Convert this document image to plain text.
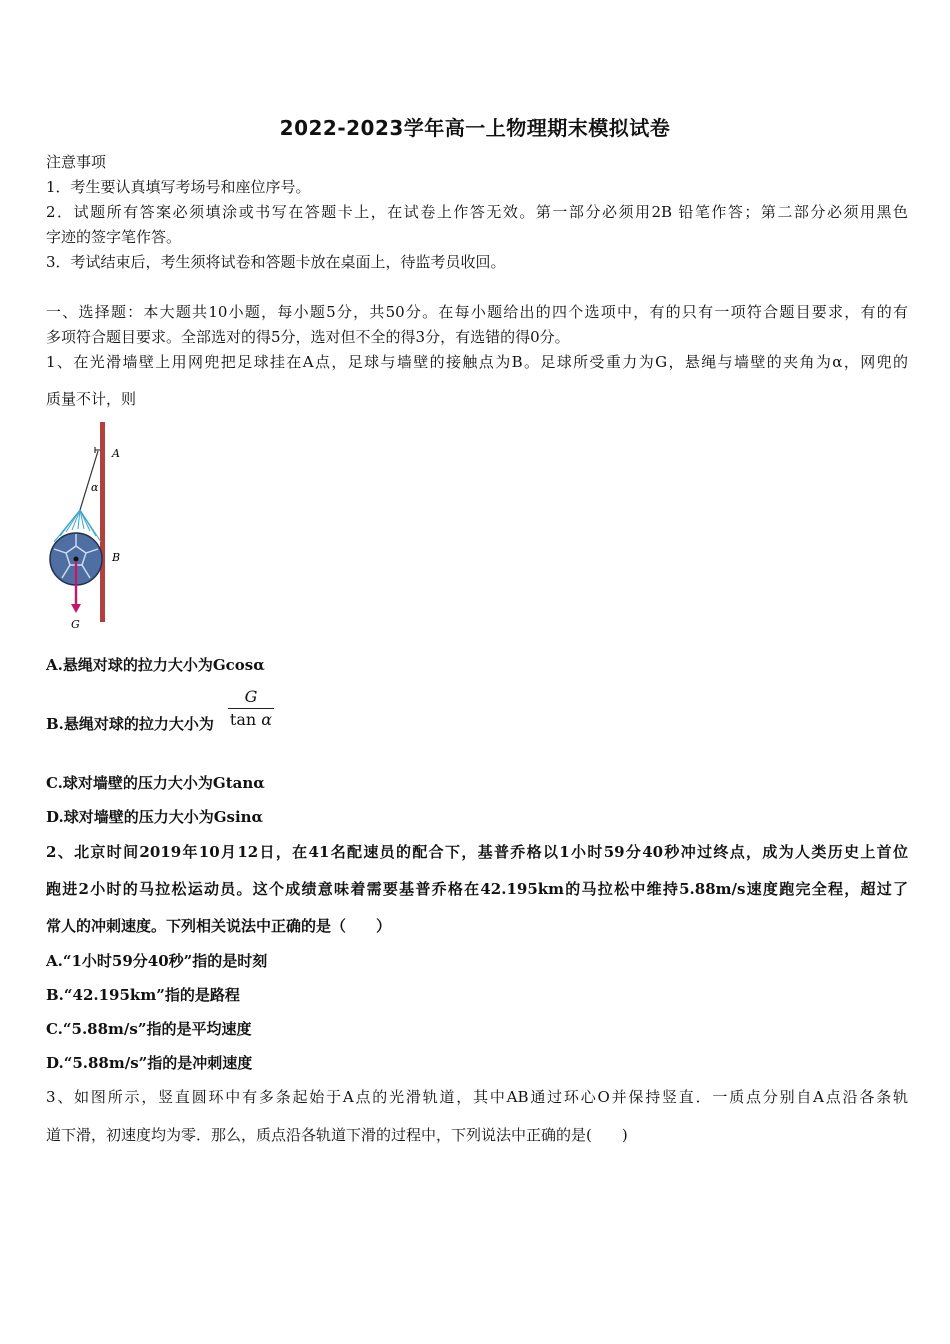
2022-2023学年高一上物理期末模拟试卷
注意事项
1．考生要认真填写考场号和座位序号。
2．试题所有答案必须填涂或书写在答题卡上，在试卷上作答无效。第一部分必须用2B 铅笔作答；第二部分必须用黑色
字迹的签字笔作答。
3．考试结束后，考生须将试卷和答题卡放在桌面上，待监考员收回。
一、选择题：本大题共10小题，每小题5分，共50分。在每小题给出的四个选项中，有的只有一项符合题目要求，有的有
多项符合题目要求。全部选对的得5分，选对但不全的得3分，有选错的得0分。
1、在光滑墙壁上用网兜把足球挂在A点，足球与墙壁的接触点为B。足球所受重力为G，悬绳与墙壁的夹角为α，网兜的
质量不计，则
A
α
B
G
A.悬绳对球的拉力大小为Gcosα
B.悬绳对球的拉力大小为 $\frac{G}{\text{tan α}}$
C.球对墙壁的压力大小为Gtanα
D.球对墙壁的压力大小为Gsinα
2、北京时间2019年10月12日，在41名配速员的配合下，基普乔格以1小时59分40秒冲过终点，成为人类历史上首位
跑进2小时的马拉松运动员。这个成绩意味着需要基普乔格在42.195km的马拉松中维持5.88m/s速度跑完全程，超过了
常人的冲刺速度。下列相关说法中正确的是（　　）
A.“1小时59分40秒”指的是时刻
B.“42.195km”指的是路程
C.“5.88m/s”指的是平均速度
D.“5.88m/s”指的是冲刺速度
3、如图所示，竖直圆环中有多条起始于A点的光滑轨道，其中AB通过环心O并保持竖直．一质点分别自A点沿各条轨
道下滑，初速度均为零．那么，质点沿各轨道下滑的过程中，下列说法中正确的是(　　)
